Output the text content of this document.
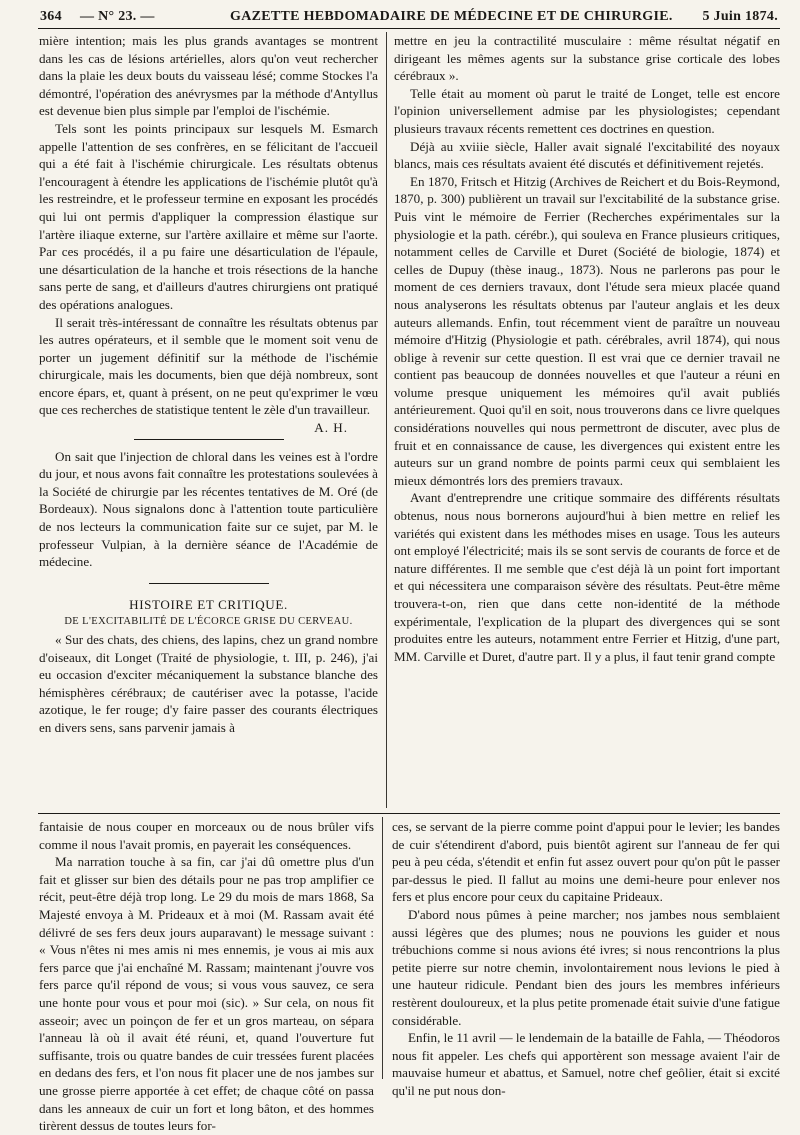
364 — N° 23. —	GAZETTE HEBDOMADAIRE DE MÉDECINE ET DE CHIRURGIE. 5 Juin 1874.

mière intention; mais les plus grands avantages se montrent dans les cas de lésions artérielles, alors qu'on veut rechercher dans la plaie les deux bouts du vaisseau lésé; comme Stockes l'a démontré, l'opération des anévrysmes par la méthode d'Antyllus est devenue bien plus simple par l'emploi de l'ischémie.

Tels sont les points principaux sur lesquels M. Esmarch appelle l'attention de ses confrères, en se félicitant de l'accueil qui a été fait à l'ischémie chirurgicale. Les résultats obtenus l'encouragent à étendre les applications de l'ischémie plutôt qu'à les restreindre, et le professeur termine en exposant les procédés qui lui ont permis d'appliquer la compression élastique sur l'artère iliaque externe, sur l'artère axillaire et même sur l'aorte. Par ces procédés, il a pu faire une désarticulation de l'épaule, une désarticulation de la hanche et trois résections de la hanche sans perte de sang, et d'ailleurs d'autres chirurgiens ont pratiqué des opérations analogues.

Il serait très-intéressant de connaître les résultats obtenus par les autres opérateurs, et il semble que le moment soit venu de porter un jugement définitif sur la méthode de l'ischémie chirurgicale, mais les documents, bien que déjà nombreux, sont encore épars, et, quant à présent, on ne peut qu'exprimer le vœu que ces recherches de statistique tentent le zèle d'un travailleur.

A. H.

On sait que l'injection de chloral dans les veines est à l'ordre du jour, et nous avons fait connaître les protestations soulevées à la Société de chirurgie par les récentes tentatives de M. Oré (de Bordeaux). Nous signalons donc à l'attention toute particulière de nos lecteurs la communication faite sur ce sujet, par M. le professeur Vulpian, à la dernière séance de l'Académie de médecine.

HISTOIRE ET CRITIQUE.

DE L'EXCITABILITÉ DE L'ÉCORCE GRISE DU CERVEAU.

« Sur des chats, des chiens, des lapins, chez un grand nombre d'oiseaux, dit Longet (Traité de physiologie, t. III, p. 246), j'ai eu occasion d'exciter mécaniquement la substance blanche des hémisphères cérébraux; de cautériser avec la potasse, l'acide azotique, le fer rouge; d'y faire passer des courants électriques en divers sens, sans parvenir jamais à

mettre en jeu la contractilité musculaire : même résultat négatif en dirigeant les mêmes agents sur la substance grise corticale des lobes cérébraux ».

Telle était au moment où parut le traité de Longet, telle est encore l'opinion universellement admise par les physiologistes; cependant plusieurs travaux récents remettent ces doctrines en question.

Déjà au xviiie siècle, Haller avait signalé l'excitabilité des noyaux blancs, mais ces résultats avaient été discutés et définitivement rejetés.

En 1870, Fritsch et Hitzig (Archives de Reichert et du Bois-Reymond, 1870, p. 300) publièrent un travail sur l'excitabilité de la substance grise. Puis vint le mémoire de Ferrier (Recherches expérimentales sur la physiologie et la path. cérébr.), qui souleva en France plusieurs critiques, notamment celles de Carville et Duret (Société de biologie, 1874) et celles de Dupuy (thèse inaug., 1873). Nous ne parlerons pas pour le moment de ces derniers travaux, dont l'étude sera mieux placée quand nous analyserons les résultats obtenus par l'auteur anglais et les deux auteurs allemands. Enfin, tout récemment vient de paraître un nouveau mémoire d'Hitzig (Physiologie et path. cérébrales, avril 1874), qui nous oblige à revenir sur cette question. Il est vrai que ce dernier travail ne contient pas beaucoup de données nouvelles et que l'auteur a réuni en volume presque uniquement les mémoires qu'il avait publiés antérieurement. Quoi qu'il en soit, nous trouverons dans ce livre quelques considérations nouvelles qui nous permettront de discuter, avec plus de fruit et en connaissance de cause, les divergences qui existent entre les auteurs sur un grand nombre de points parmi ceux qui semblaient les mieux démontrés lors des premiers travaux.

Avant d'entreprendre une critique sommaire des différents résultats obtenus, nous nous bornerons aujourd'hui à bien mettre en relief les variétés qui existent dans les méthodes mises en usage. Tous les auteurs ont employé l'électricité; mais ils se sont servis de courants de force et de nature différentes. Il me semble que c'est déjà là un point fort important et qui nécessitera une comparaison sévère des résultats. Peut-être même trouvera-t-on, rien que dans cette non-identité de la méthode expérimentale, l'explication de la plupart des divergences qui se sont produites entre les auteurs, notamment entre Ferrier et Hitzig, d'une part, MM. Carville et Duret, d'autre part. Il y a plus, il faut tenir grand compte

fantaisie de nous couper en morceaux ou de nous brûler vifs comme il nous l'avait promis, en payerait les conséquences.

Ma narration touche à sa fin, car j'ai dû omettre plus d'un fait et glisser sur bien des détails pour ne pas trop amplifier ce récit, peut-être déjà trop long. Le 29 du mois de mars 1868, Sa Majesté envoya à M. Prideaux et à moi (M. Rassam avait été délivré de ses fers deux jours auparavant) le message suivant : « Vous n'êtes ni mes amis ni mes ennemis, je vous ai mis aux fers parce que j'ai enchaîné M. Rassam; maintenant j'ouvre vos fers parce qu'il répond de vous; si vous vous sauvez, ce sera une honte pour vous et pour moi (sic). » Sur cela, on nous fit asseoir; avec un poinçon de fer et un gros marteau, on sépara l'anneau là où il avait été réuni, et, quand l'ouverture fut suffisante, trois ou quatre bandes de cuir tressées furent placées en dedans des fers, et l'on nous fit placer une de nos jambes sur une grosse pierre apportée à cet effet; de chaque côté on passa dans les anneaux de cuir un fort et long bâton, et des hommes tirèrent dessus de toutes leurs for-

ces, se servant de la pierre comme point d'appui pour le levier; les bandes de cuir s'étendirent d'abord, puis bientôt agirent sur l'anneau de fer qui peu à peu céda, s'étendit et enfin fut assez ouvert pour qu'on pût le passer par-dessus le pied. Il fallut au moins une demi-heure pour enlever nos fers et plus encore pour ceux du capitaine Prideaux.

D'abord nous pûmes à peine marcher; nos jambes nous semblaient aussi légères que des plumes; nous ne pouvions les guider et nous trébuchions comme si nous avions été ivres; si nous rencontrions la plus petite pierre sur notre chemin, involontairement nous levions le pied à une hauteur ridicule. Pendant bien des jours les membres inférieurs restèrent douloureux, et la plus petite promenade était suivie d'une fatigue considérable.

Enfin, le 11 avril — le lendemain de la bataille de Fahla, — Théodoros nous fit appeler. Les chefs qui apportèrent son message avaient l'air de mauvaise humeur et abattus, et Samuel, notre chef geôlier, était si excité qu'il ne put nous don-
